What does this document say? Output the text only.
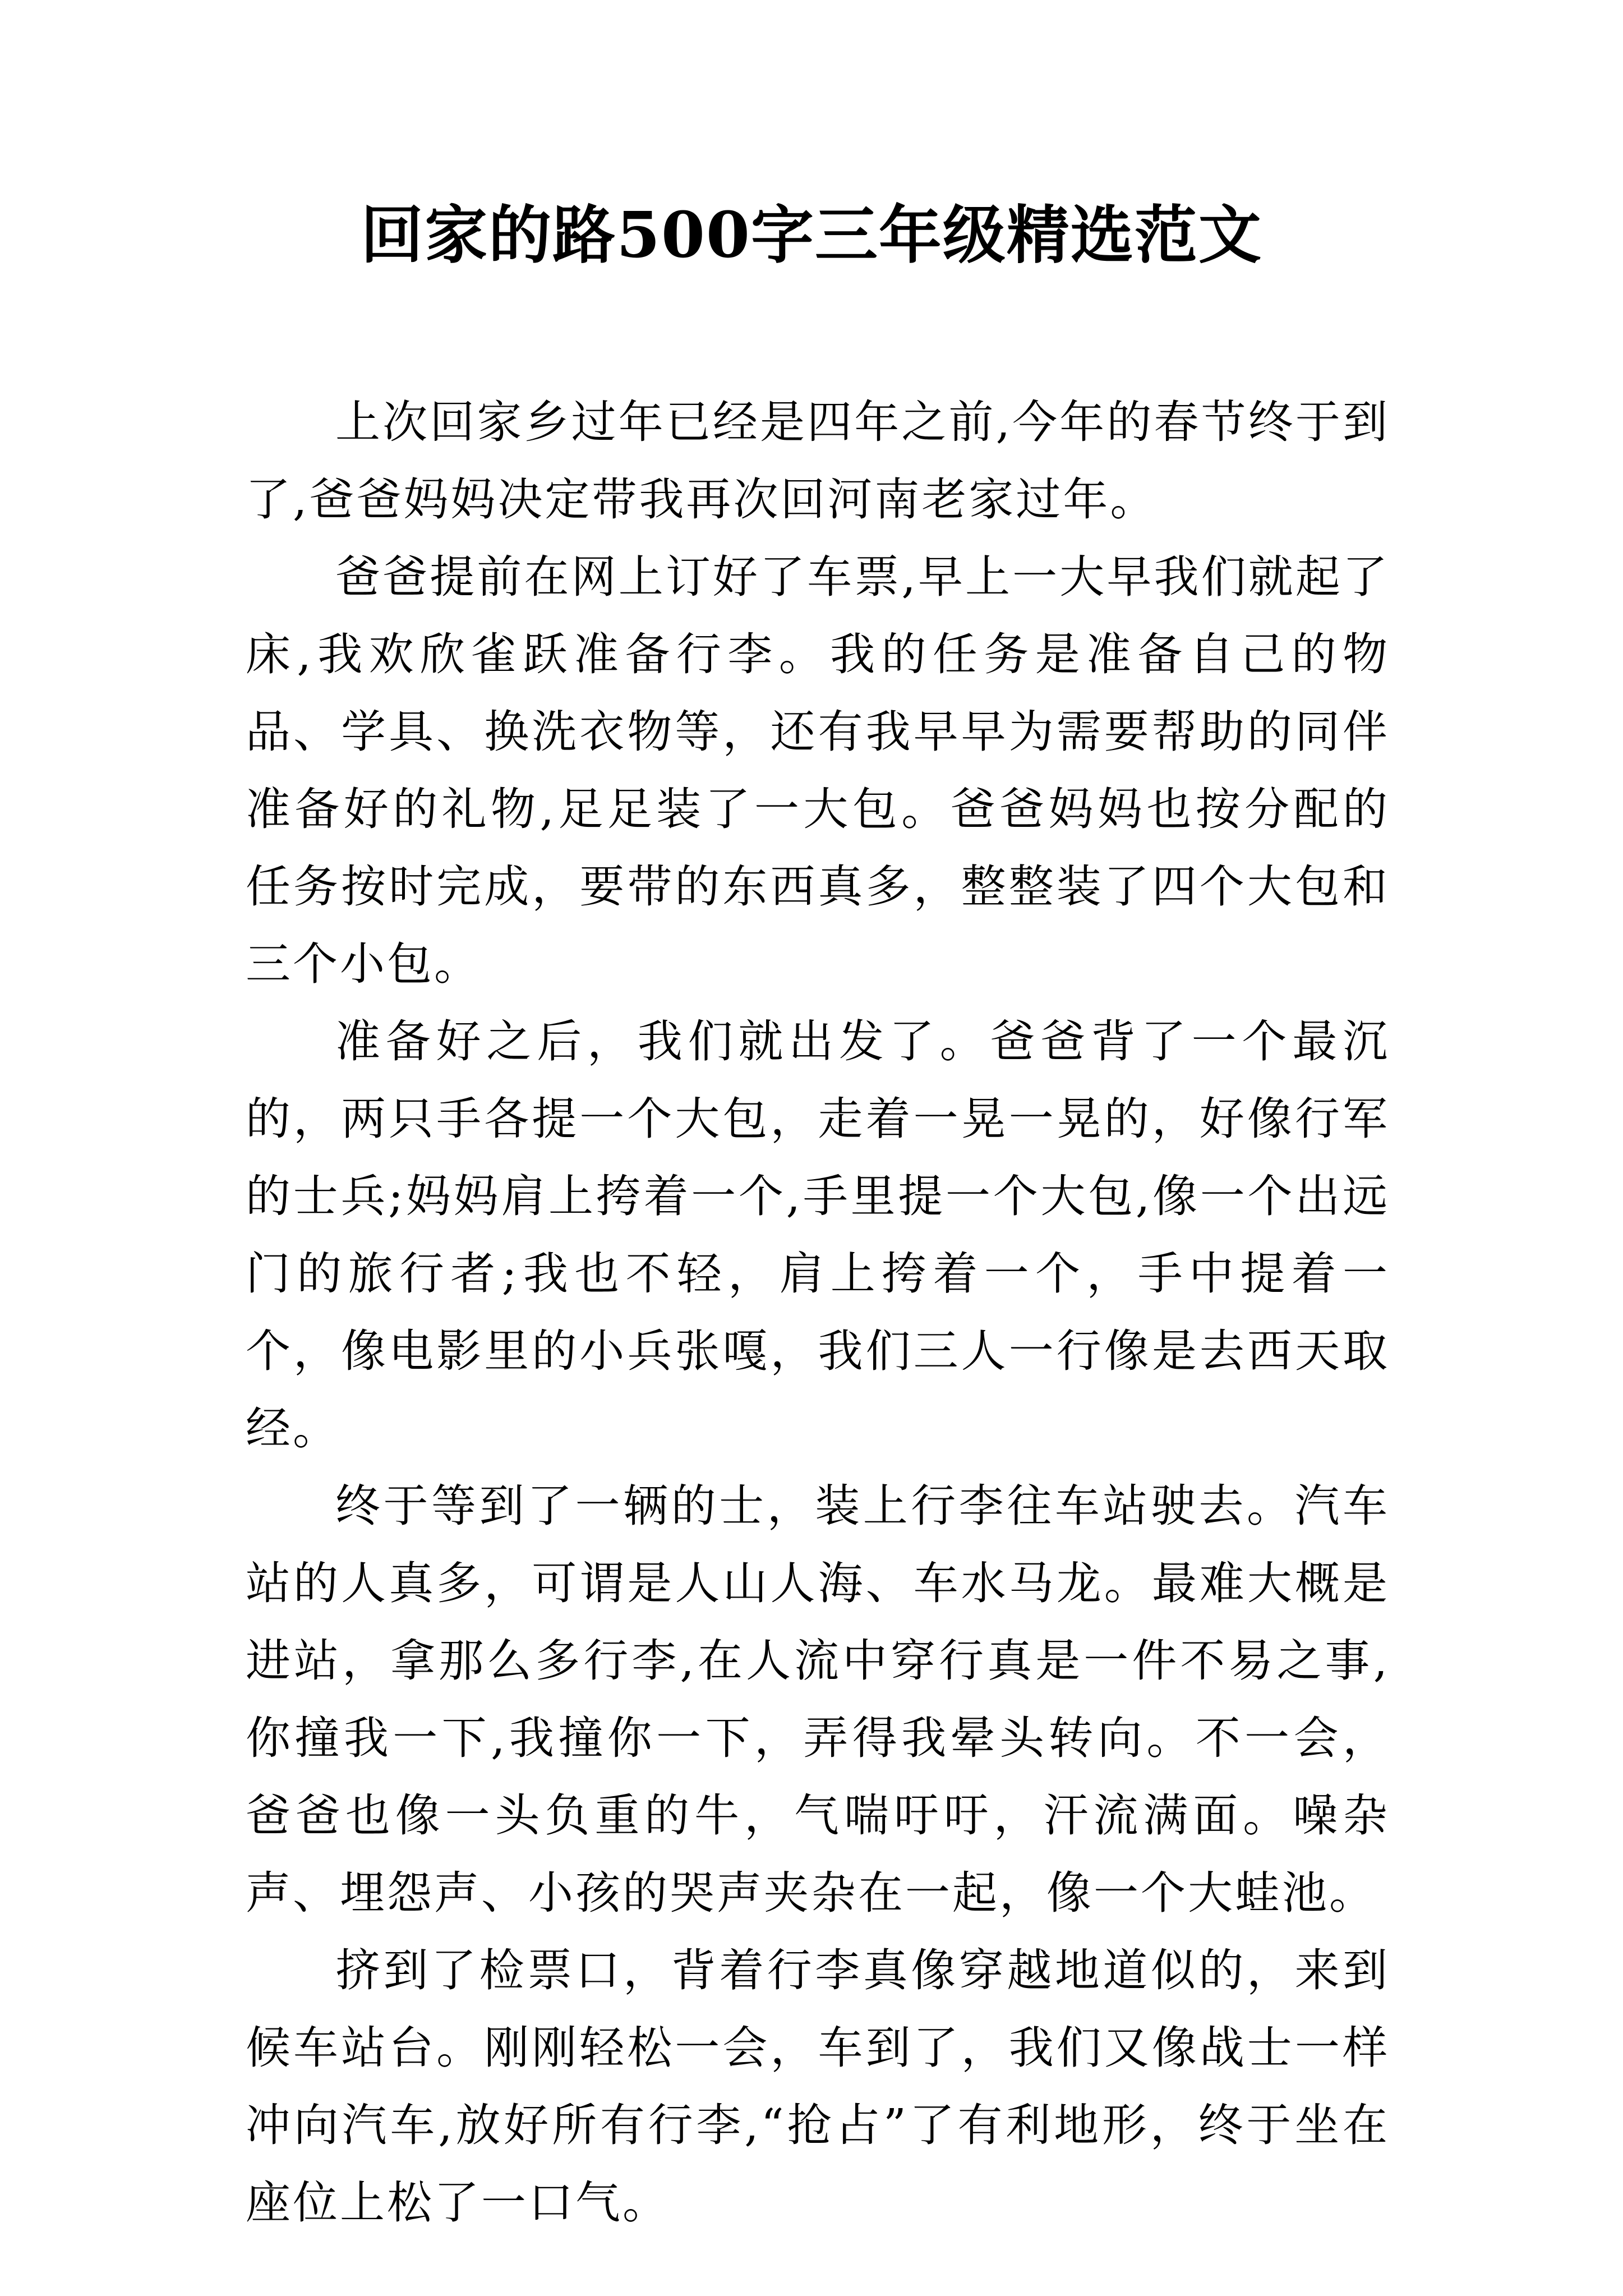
回家的路500字三年级精选范文

上次回家乡过年已经是四年之前,今年的春节终于到了,爸爸妈妈决定带我再次回河南老家过年。

爸爸提前在网上订好了车票,早上一大早我们就起了床,我欢欣雀跃准备行李。我的任务是准备自己的物品、学具、换洗衣物等，还有我早早为需要帮助的同伴准备好的礼物,足足装了一大包。爸爸妈妈也按分配的任务按时完成，要带的东西真多，整整装了四个大包和三个小包。

准备好之后，我们就出发了。爸爸背了一个最沉的，两只手各提一个大包，走着一晃一晃的，好像行军的士兵;妈妈肩上挎着一个,手里提一个大包,像一个出远门的旅行者;我也不轻，肩上挎着一个，手中提着一个，像电影里的小兵张嘎，我们三人一行像是去西天取经。

终于等到了一辆的士，装上行李往车站驶去。汽车站的人真多，可谓是人山人海、车水马龙。最难大概是进站，拿那么多行李,在人流中穿行真是一件不易之事,你撞我一下,我撞你一下，弄得我晕头转向。不一会，爸爸也像一头负重的牛，气喘吁吁，汗流满面。噪杂声、埋怨声、小孩的哭声夹杂在一起，像一个大蛙池。

挤到了检票口，背着行李真像穿越地道似的，来到候车站台。刚刚轻松一会，车到了，我们又像战士一样冲向汽车,放好所有行李,“抢占”了有利地形，终于坐在座位上松了一口气。
